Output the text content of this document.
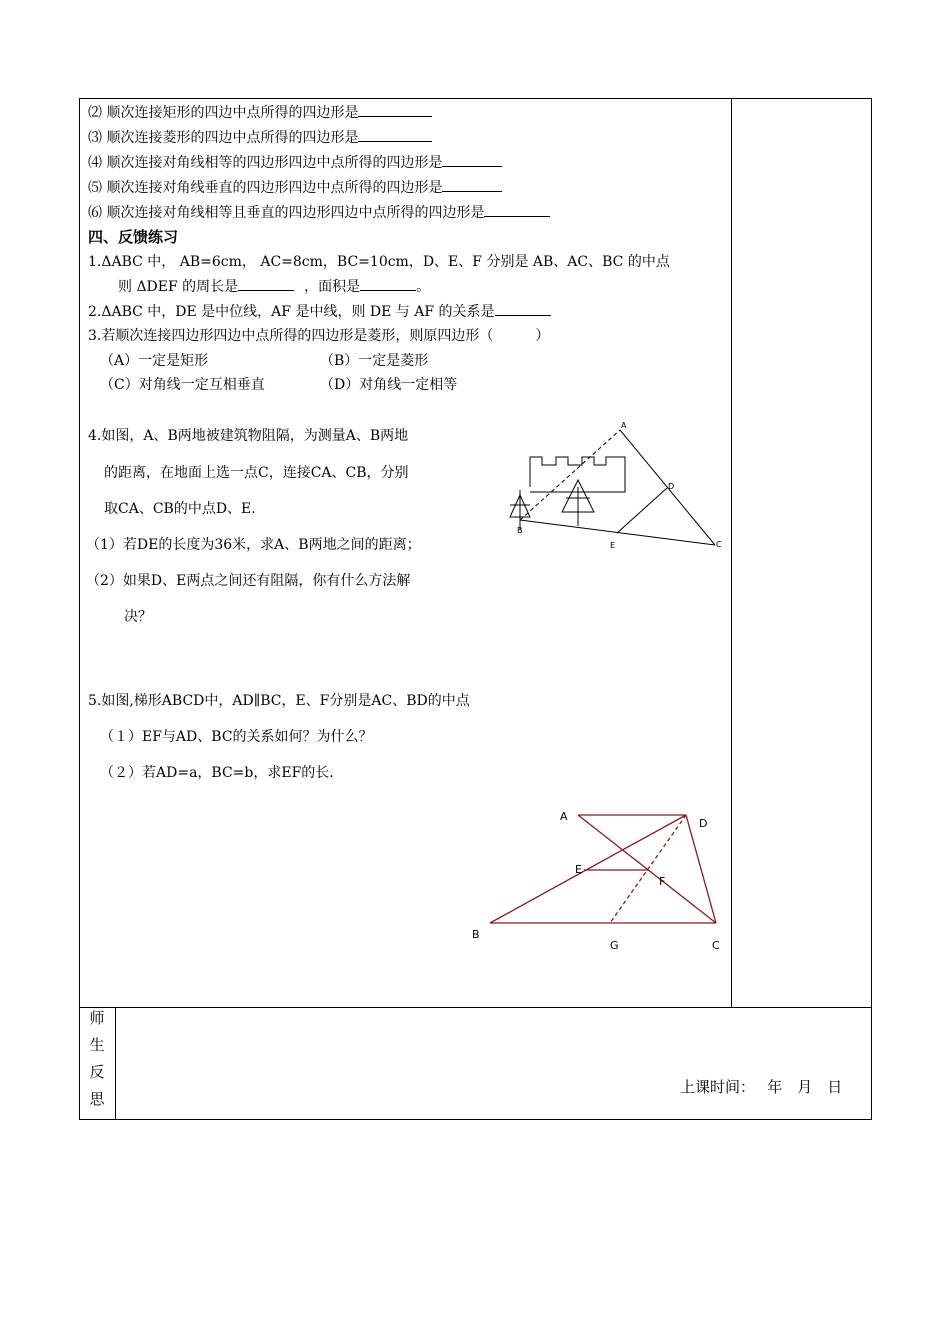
⑵ 顺次连接矩形的四边中点所得的四边形是
⑶ 顺次连接菱形的四边中点所得的四边形是
⑷ 顺次连接对角线相等的四边形四边中点所得的四边形是
⑸ 顺次连接对角线垂直的四边形四边中点所得的四边形是
⑹ 顺次连接对角线相等且垂直的四边形四边中点所得的四边形是
四、反馈练习
1.ΔABC 中， AB=6cm， AC=8cm，BC=10cm，D、E、F 分别是 AB、AC、BC 的中点
则 ΔDEF 的周长是	，面积是	。
2.ΔABC 中，DE 是中位线，AF 是中线，则 DE 与 AF 的关系是
3.若顺次连接四边形四边中点所得的四边形是菱形，则原四边形（　　　）
（A）一定是矩形	（B）一定是菱形
（C）对角线一定互相垂直	（D）对角线一定相等
4.如图，A、B两地被建筑物阻隔，为测量A、B两地
的距离，在地面上选一点C，连接CA、CB，分别
取CA、CB的中点D、E.
（1）若DE的长度为36米，求A、B两地之间的距离；
（2）如果D、E两点之间还有阻隔，你有什么方法解
决？
A
D
B
E	C
5.如图,梯形ABCD中，AD∥BC，E、F分别是AC、BD的中点
（１）EF与AD、BC的关系如何？为什么？
（２）若AD=a，BC=b，求EF的长.
A
D
E
F
B
G	C
师
生
反
思
上课时间：　 年　月　日
